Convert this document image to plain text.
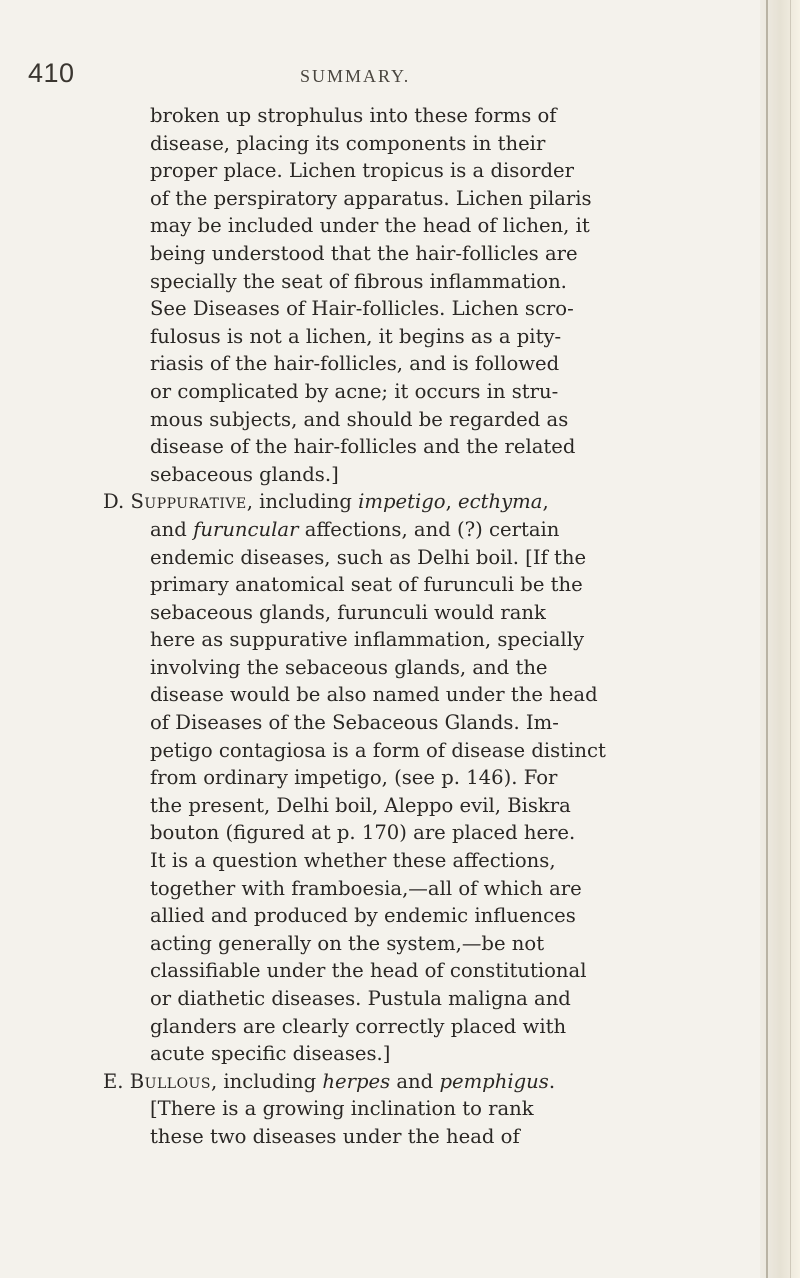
410	SUMMARY.
broken up strophulus into these forms of
disease, placing its components in their
proper place. Lichen tropicus is a disorder
of the perspiratory apparatus. Lichen pilaris
may be included under the head of lichen, it
being understood that the hair-follicles are
specially the seat of fibrous inflammation.
See Diseases of Hair-follicles. Lichen scro-
fulosus is not a lichen, it begins as a pity-
riasis of the hair-follicles, and is followed
or complicated by acne; it occurs in stru-
mous subjects, and should be regarded as
disease of the hair-follicles and the related
sebaceous glands.]
D. Suppurative, including impetigo, ecthyma,
and furuncular affections, and (?) certain
endemic diseases, such as Delhi boil. [If the
primary anatomical seat of furunculi be the
sebaceous glands, furunculi would rank
here as suppurative inflammation, specially
involving the sebaceous glands, and the
disease would be also named under the head
of Diseases of the Sebaceous Glands. Im-
petigo contagiosa is a form of disease distinct
from ordinary impetigo, (see p. 146). For
the present, Delhi boil, Aleppo evil, Biskra
bouton (figured at p. 170) are placed here.
It is a question whether these affections,
together with framboesia,—all of which are
allied and produced by endemic influences
acting generally on the system,—be not
classifiable under the head of constitutional
or diathetic diseases. Pustula maligna and
glanders are clearly correctly placed with
acute specific diseases.]
E. Bullous, including herpes and pemphigus.
[There is a growing inclination to rank
these two diseases under the head of
